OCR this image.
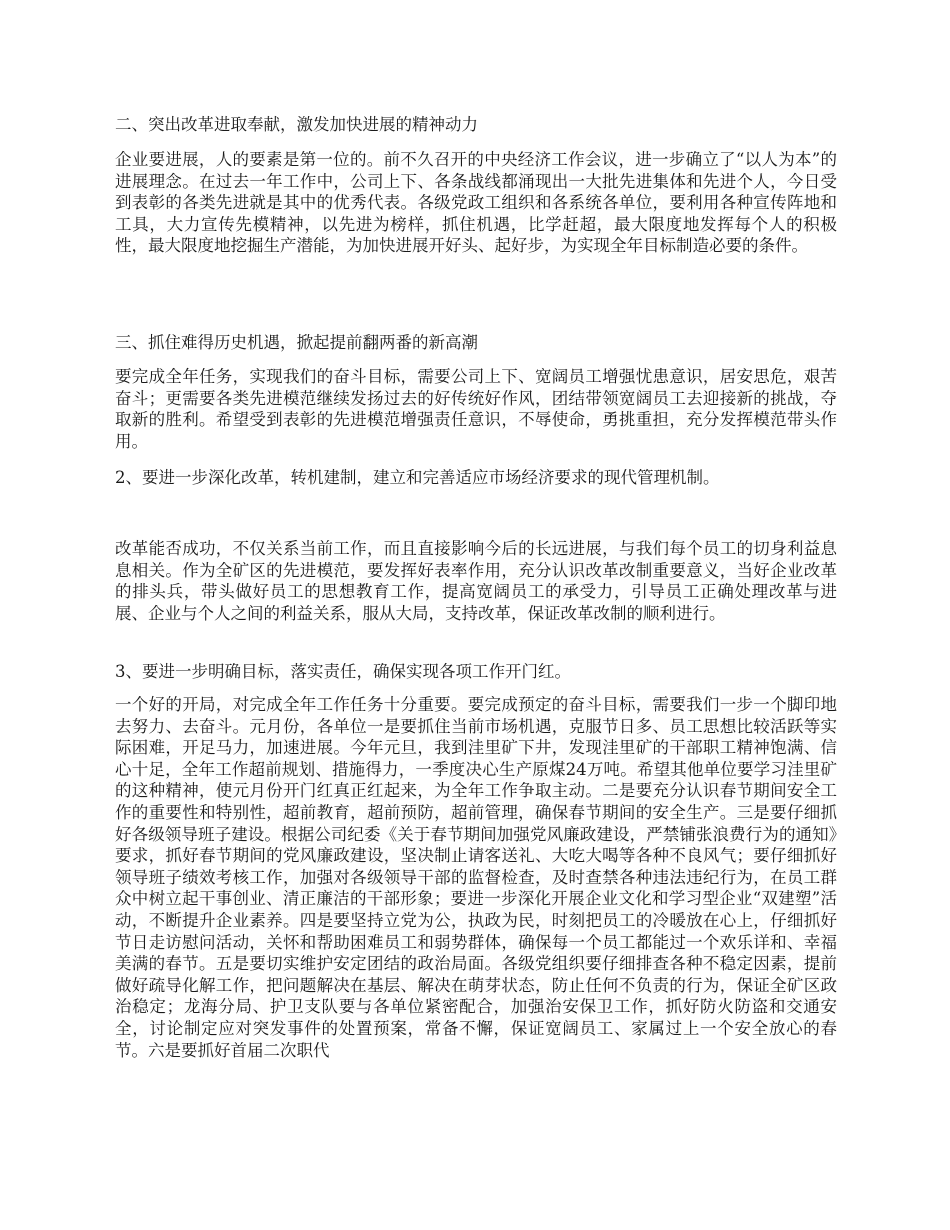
二、突出改革进取奉献，激发加快进展的精神动力
企业要进展，人的要素是第一位的。前不久召开的中央经济工作会议，进一步确立了“以人为本”的进展理念。在过去一年工作中，公司上下、各条战线都涌现出一大批先进集体和先进个人，今日受到表彰的各类先进就是其中的优秀代表。各级党政工组织和各系统各单位，要利用各种宣传阵地和工具，大力宣传先模精神，以先进为榜样，抓住机遇，比学赶超，最大限度地发挥每个人的积极性，最大限度地挖掘生产潜能，为加快进展开好头、起好步，为实现全年目标制造必要的条件。
三、抓住难得历史机遇，掀起提前翻两番的新高潮
要完成全年任务，实现我们的奋斗目标，需要公司上下、宽阔员工增强忧患意识，居安思危，艰苦奋斗；更需要各类先进模范继续发扬过去的好传统好作风，团结带领宽阔员工去迎接新的挑战，夺取新的胜利。希望受到表彰的先进模范增强责任意识，不辱使命，勇挑重担，充分发挥模范带头作用。
2、要进一步深化改革，转机建制，建立和完善适应市场经济要求的现代管理机制。
改革能否成功，不仅关系当前工作，而且直接影响今后的长远进展，与我们每个员工的切身利益息息相关。作为全矿区的先进模范，要发挥好表率作用，充分认识改革改制重要意义，当好企业改革的排头兵，带头做好员工的思想教育工作，提高宽阔员工的承受力，引导员工正确处理改革与进展、企业与个人之间的利益关系，服从大局，支持改革，保证改革改制的顺利进行。
3、要进一步明确目标，落实责任，确保实现各项工作开门红。
一个好的开局，对完成全年工作任务十分重要。要完成预定的奋斗目标，需要我们一步一个脚印地去努力、去奋斗。元月份，各单位一是要抓住当前市场机遇，克服节日多、员工思想比较活跃等实际困难，开足马力，加速进展。今年元旦，我到洼里矿下井，发现洼里矿的干部职工精神饱满、信心十足，全年工作超前规划、措施得力，一季度决心生产原煤24万吨。希望其他单位要学习洼里矿的这种精神，使元月份开门红真正红起来，为全年工作争取主动。二是要充分认识春节期间安全工作的重要性和特别性，超前教育，超前预防，超前管理，确保春节期间的安全生产。三是要仔细抓好各级领导班子建设。根据公司纪委《关于春节期间加强党风廉政建设，严禁铺张浪费行为的通知》要求，抓好春节期间的党风廉政建设，坚决制止请客送礼、大吃大喝等各种不良风气；要仔细抓好领导班子绩效考核工作，加强对各级领导干部的监督检查，及时查禁各种违法违纪行为，在员工群众中树立起干事创业、清正廉洁的干部形象；要进一步深化开展企业文化和学习型企业“双建塑”活动，不断提升企业素养。四是要坚持立党为公，执政为民，时刻把员工的冷暖放在心上，仔细抓好节日走访慰问活动，关怀和帮助困难员工和弱势群体，确保每一个员工都能过一个欢乐详和、幸福美满的春节。五是要切实维护安定团结的政治局面。各级党组织要仔细排查各种不稳定因素，提前做好疏导化解工作，把问题解决在基层、解决在萌芽状态，防止任何不负责的行为，保证全矿区政治稳定；龙海分局、护卫支队要与各单位紧密配合，加强治安保卫工作，抓好防火防盗和交通安全，讨论制定应对突发事件的处置预案，常备不懈，保证宽阔员工、家属过上一个安全放心的春节。六是要抓好首届二次职代
